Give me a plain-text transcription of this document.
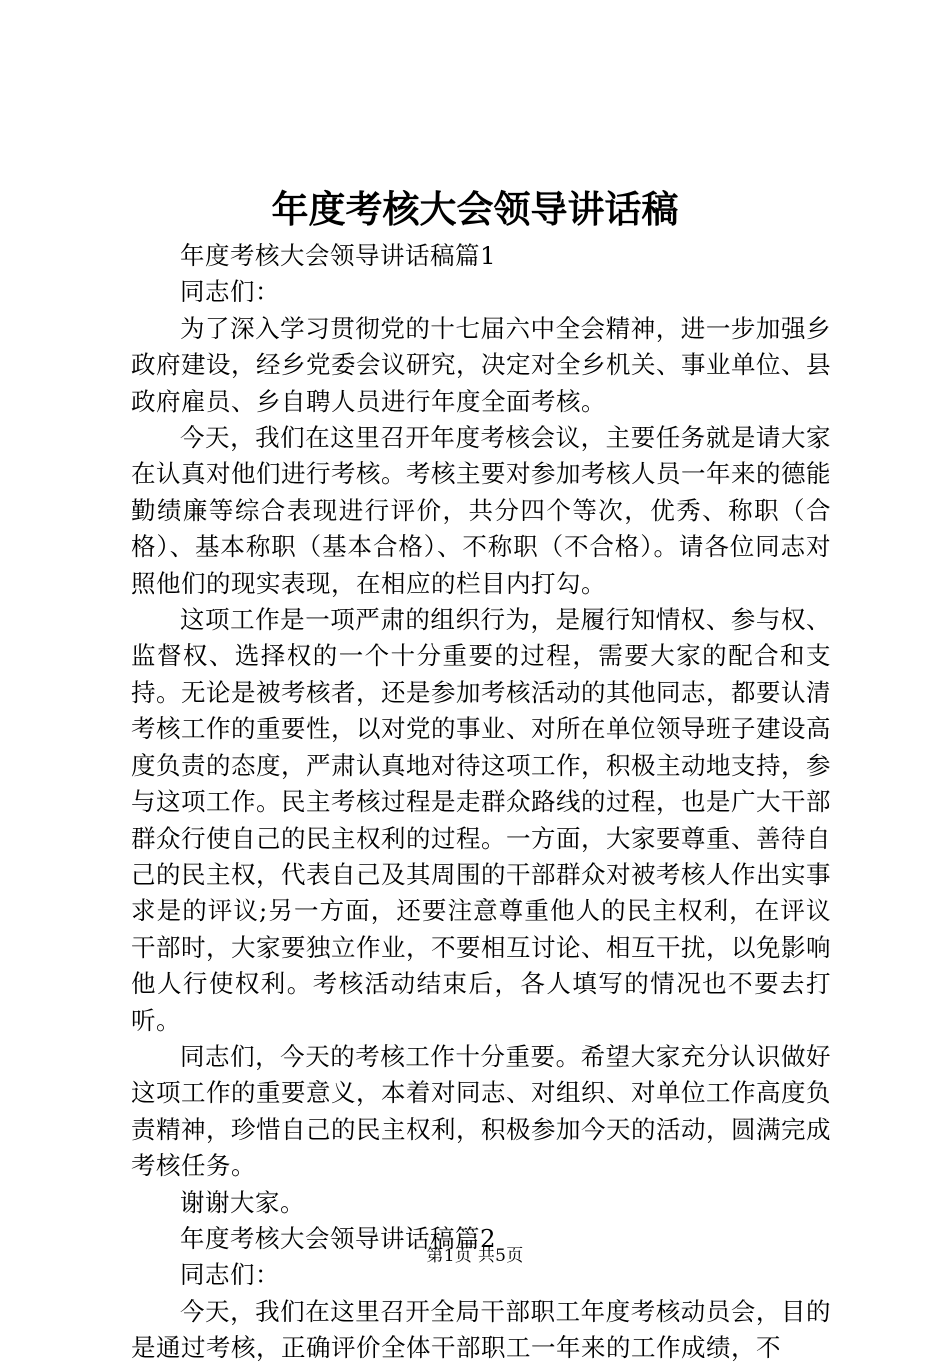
年度考核大会领导讲话稿

年度考核大会领导讲话稿篇1

同志们：

为了深入学习贯彻党的十七届六中全会精神，进一步加强乡政府建设，经乡党委会议研究，决定对全乡机关、事业单位、县政府雇员、乡自聘人员进行年度全面考核。

今天，我们在这里召开年度考核会议，主要任务就是请大家在认真对他们进行考核。考核主要对参加考核人员一年来的德能勤绩廉等综合表现进行评价，共分四个等次，优秀、称职（合格）、基本称职（基本合格）、不称职（不合格）。请各位同志对照他们的现实表现，在相应的栏目内打勾。

这项工作是一项严肃的组织行为，是履行知情权、参与权、监督权、选择权的一个十分重要的过程，需要大家的配合和支持。无论是被考核者，还是参加考核活动的其他同志，都要认清考核工作的重要性，以对党的事业、对所在单位领导班子建设高度负责的态度，严肃认真地对待这项工作，积极主动地支持，参与这项工作。民主考核过程是走群众路线的过程，也是广大干部群众行使自己的民主权利的过程。一方面，大家要尊重、善待自己的民主权，代表自己及其周围的干部群众对被考核人作出实事求是的评议;另一方面，还要注意尊重他人的民主权利，在评议干部时，大家要独立作业，不要相互讨论、相互干扰，以免影响他人行使权利。考核活动结束后，各人填写的情况也不要去打听。

同志们，今天的考核工作十分重要。希望大家充分认识做好这项工作的重要意义，本着对同志、对组织、对单位工作高度负责精神，珍惜自己的民主权利，积极参加今天的活动，圆满完成考核任务。

谢谢大家。

年度考核大会领导讲话稿篇2

同志们：

今天，我们在这里召开全局干部职工年度考核动员会，目的是通过考核，正确评价全体干部职工一年来的工作成绩，不

第1页 共5页
